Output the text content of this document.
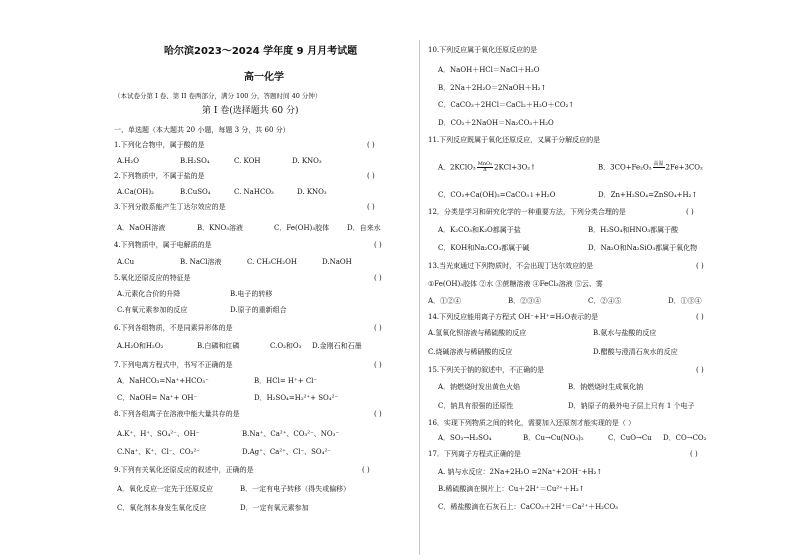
哈尔滨2023～2024 学年度 9 月月考试题
高一化学
（本试卷分第 I 卷、第 II 卷两部分，满分 100 分，答题时间 40 分钟）
第 I 卷(选择题共 60 分)
一、单选题（本大题共 20 小题，每题 3 分，共 60 分）
1.下列化合物中，属于酸的是	( )
A.H₂O	B.H₂SO₄	C. KOH	D. KNO₃
2.下列物质中，不属于盐的是	( )
A.Ca(OH)₂	B.CuSO₄	C. NaHCO₃	D. KNO₃
3.下列分散系能产生丁达尔效应的是	( )
A．NaOH溶液	B．KNO₃溶液	C．Fe(OH)₃胶体	D．自来水
4.下列物质中，属于电解质的是	( )
A.Cu	B. NaCl溶液	C. CH₃CH₂OH	D.NaOH
5.氧化还原反应的特征是	( )
A.元素化合价的升降	B.电子的转移
C.有氧元素参加的反应	D.原子的重新组合
6.下列各组物质，不是同素异形体的是	( )
A.H₂O和H₂O₂	B.白磷和红磷	C.O₂和O₃ D.金刚石和石墨
7.下列电离方程式中，书写不正确的是	( )
A．NaHCO₃=Na⁺+HCO₃⁻	B．HCl= H⁺+ Cl⁻
C．NaOH= Na⁺+ OH⁻	D．H₂SO₄=H₂²⁺+ SO₄²⁻
8.下列各组离子在溶液中能大量共存的是	( )
A.K⁺、H⁺、SO₄²⁻、OH⁻	B.Na⁺、Ca²⁺、CO₃²⁻、NO₃⁻
C.Na⁺、K⁺、Cl⁻、CO₃²⁻	D.Ag⁺、Ca²⁺、Cl⁻、SO₄²⁻
9.下列有关氧化还原反应的叙述中，正确的是	( )
A．氧化反应一定先于还原反应	B．一定有电子转移（得失或偏移）
C．氧化剂本身发生氧化反应	D．一定有氧元素参加
10.下列反应属于氧化还原反应的是
A．NaOH＋HCl＝NaCl＋H₂O
B．2Na＋2H₂O＝2NaOH＋H₂↑
C．CaCO₃＋2HCl＝CaCl₂＋H₂O＋CO₂↑
D．CO₂＋2NaOH＝Na₂CO₃＋H₂O
11.下列反应既属于氧化还原反应，又属于分解反应的是
A．2KClO₃ $\frac{\text{MnO₂}}{\Delta}$ 2KCl+3O₂↑	B．3CO+Fe₂O₃ 高温
2Fe+3CO₂
C．CO₂+Ca(OH)₂=CaCO₃↓+H₂O	D．Zn+H₂SO₄=ZnSO₄+H₂↑
12．分类是学习和研究化学的一种重要方法，下列分类合理的是	( )
A．K₂CO₃和K₂O都属于盐	B．H₂SO₄和HNO₃都属于酸
C．KOH和Na₂CO₃都属于碱	D．Na₂O和Na₂SiO₃都属于氧化物
13.当光束通过下列物质时，不会出现丁达尔效应的是	( )
①Fe(OH)₃胶体 ②水 ③蔗糖溶液 ④FeCl₃溶液 ⑤云、雾
A．①②④	B．②③④	C．②④⑤	D．①③④
14.下列反应能用离子方程式 OH⁻+H⁺=H₂O表示的是	( )
A.氢氧化钡溶液与稀硫酸的反应	B.氨水与盐酸的反应
C.烧碱溶液与稀硝酸的反应	D.醋酸与澄清石灰水的反应
15.下列关于钠的叙述中，不正确的是	( )
A．钠燃烧时发出黄色火焰	B．钠燃烧时生成氧化钠
C．钠具有很强的还原性	D．钠原子的最外电子层上只有 1 个电子
16．实现下列物质之间的转化，需要加入还原剂才能实现的是（ ）
A．SO₃→H₂SO₄	B．Cu→Cu(NO₃)₂	C．CuO→Cu D．CO→CO₂
17．下列离子方程式正确的是	( )
A. 钠与水反应：2Na+2H₂O =2Na⁺+2OH⁻+H₂↑
B.稀硫酸滴在铜片上：Cu＋2H⁺＝Cu²⁺＋H₂↑
C．稀盐酸滴在石灰石上：CaCO₃＋2H⁺＝Ca²⁺＋H₂CO₃
